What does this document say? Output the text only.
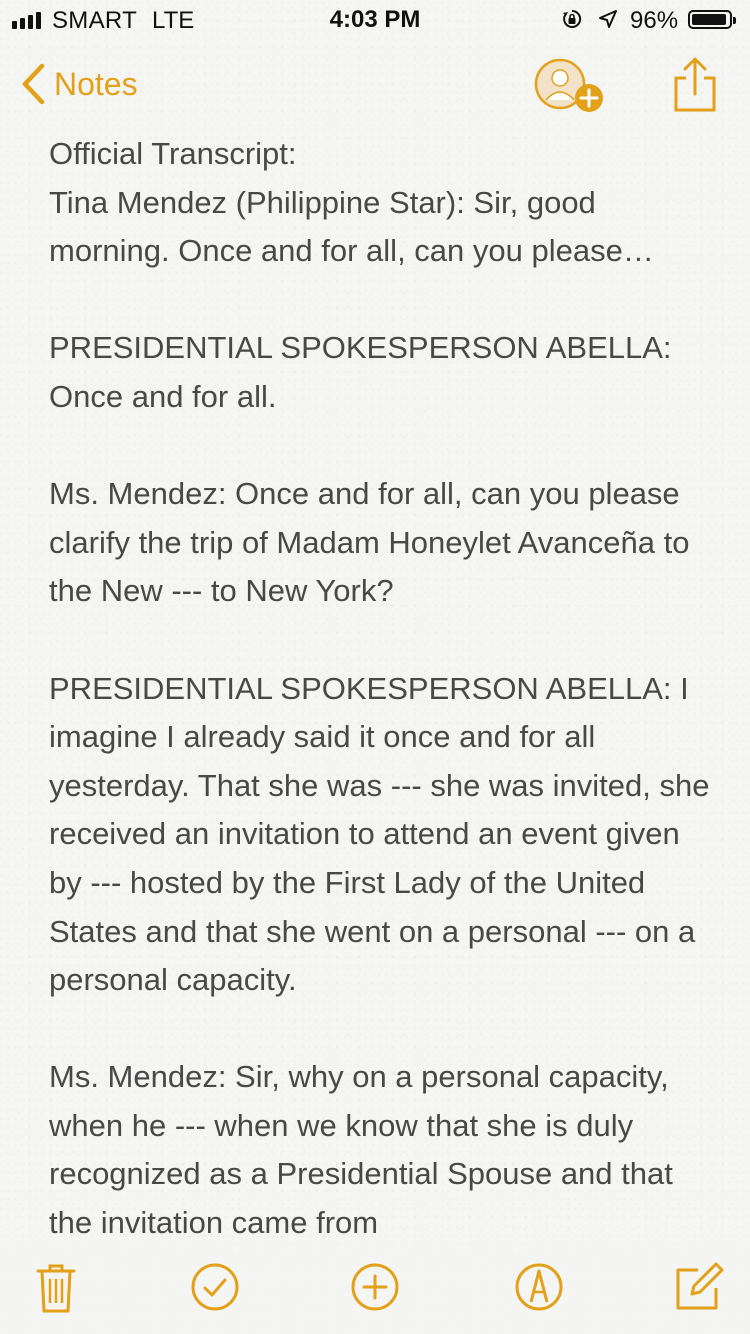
SMART LTE	4:03 PM	96%
Notes
Official Transcript:
Tina Mendez (Philippine Star): Sir, good morning. Once and for all, can you please…

PRESIDENTIAL SPOKESPERSON ABELLA: Once and for all.

Ms. Mendez: Once and for all, can you please clarify the trip of Madam Honeylet Avanceña to the New --- to New York?

PRESIDENTIAL SPOKESPERSON ABELLA: I imagine I already said it once and for all yesterday. That she was --- she was invited, she received an invitation to attend an event given by --- hosted by the First Lady of the United States and that she went on a personal --- on a personal capacity.

Ms. Mendez: Sir, why on a personal capacity, when he --- when we know that she is duly recognized as a Presidential Spouse and that the invitation came from
